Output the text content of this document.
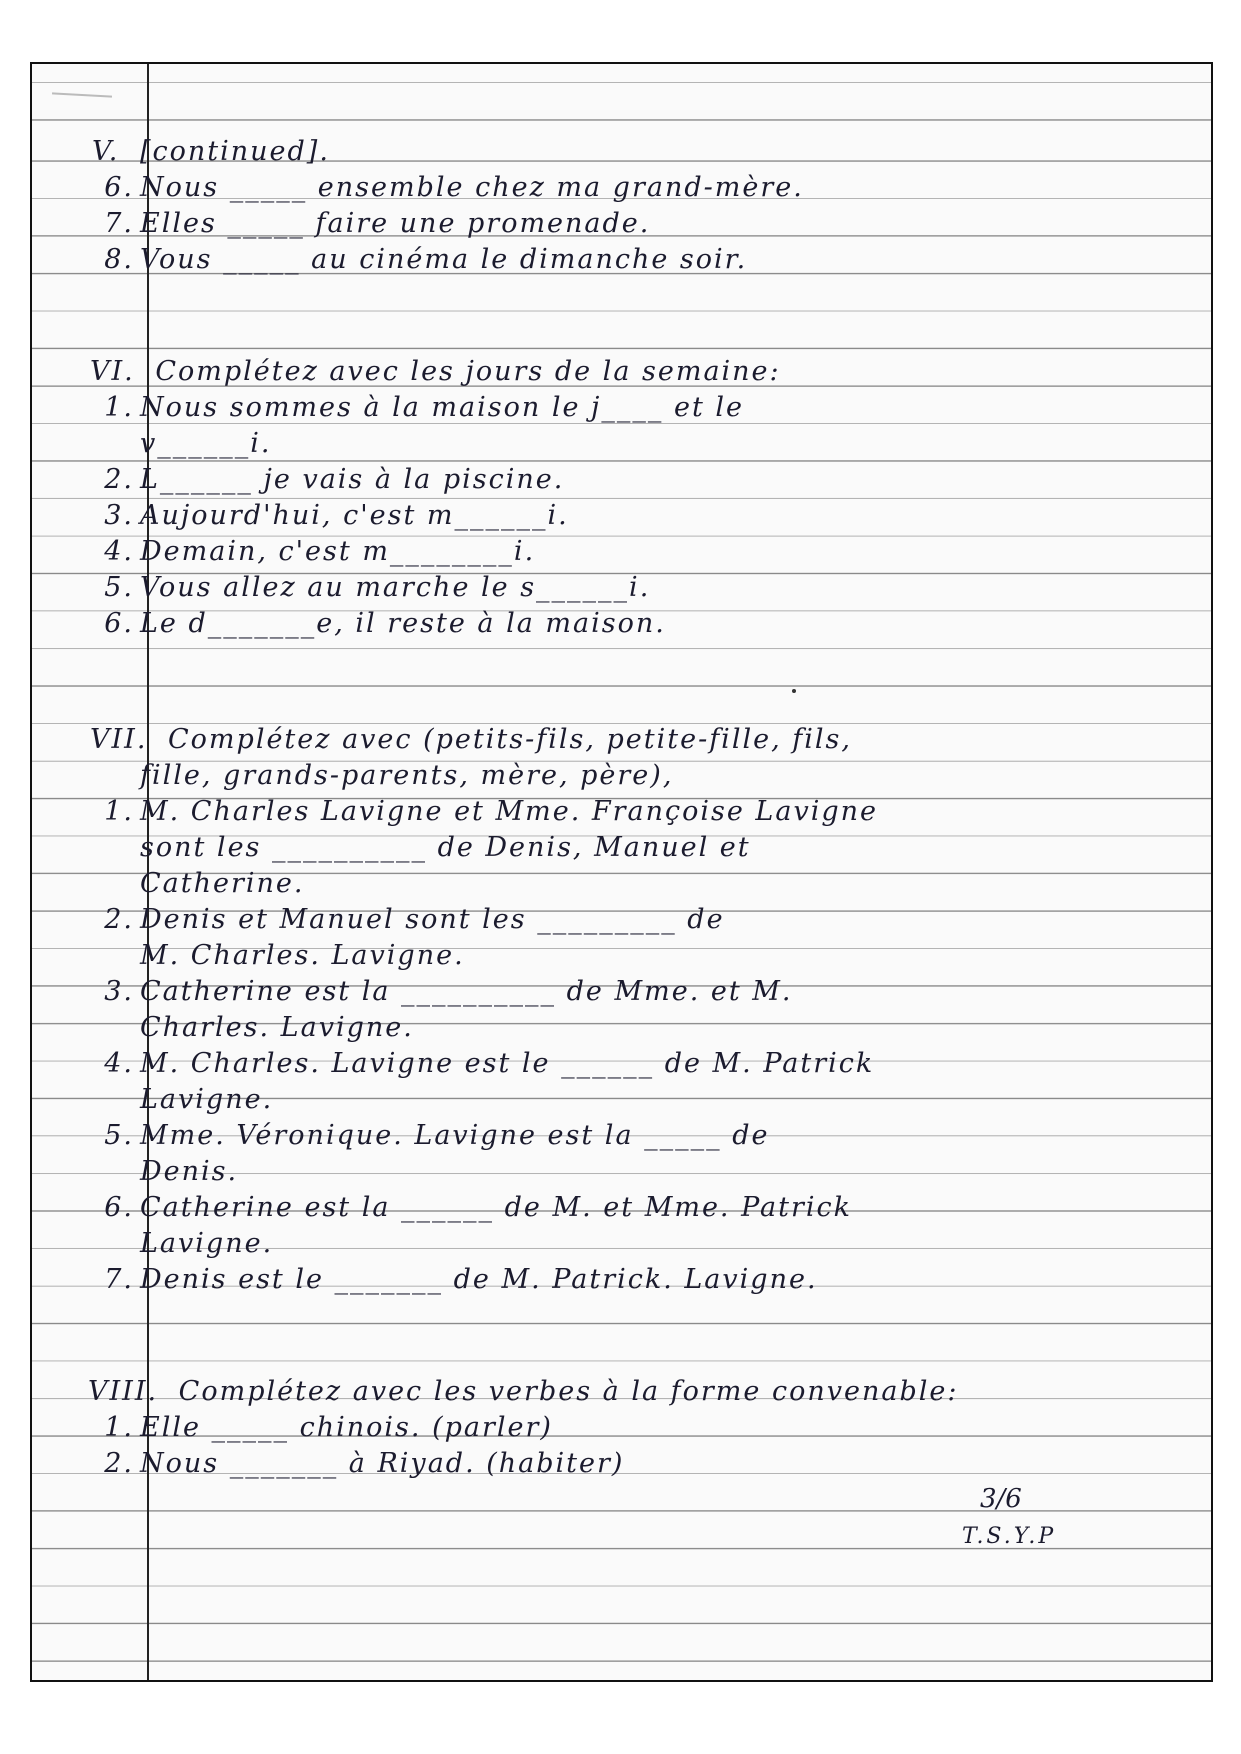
V. [continued].
6. Nous _____ ensemble chez ma grand-mère.
7. Elles _____ faire une promenade.
8. Vous _____ au cinéma le dimanche soir.
VI. Complétez avec les jours de la semaine:
1. Nous sommes à la maison le j____ et le
v______i.
2. L______ je vais à la piscine.
3. Aujourd'hui, c'est m______i.
4. Demain, c'est m________i.
5. Vous allez au marche le s______i.
6. Le d_______e, il reste à la maison.
VII. Complétez avec (petits-fils, petite-fille, fils,
fille, grands-parents, mère, père),
1. M. Charles Lavigne et Mme. Françoise Lavigne
sont les __________ de Denis, Manuel et
Catherine.
2. Denis et Manuel sont les _________ de
M. Charles. Lavigne.
3. Catherine est la __________ de Mme. et M.
Charles. Lavigne.
4. M. Charles. Lavigne est le ______ de M. Patrick
Lavigne.
5. Mme. Véronique. Lavigne est la _____ de
Denis.
6. Catherine est la ______ de M. et Mme. Patrick
Lavigne.
7. Denis est le _______ de M. Patrick. Lavigne.
VIII. Complétez avec les verbes à la forme convenable:
1. Elle _____ chinois. (parler)
2. Nous _______ à Riyad. (habiter)
3/6
T.S.Y.P
